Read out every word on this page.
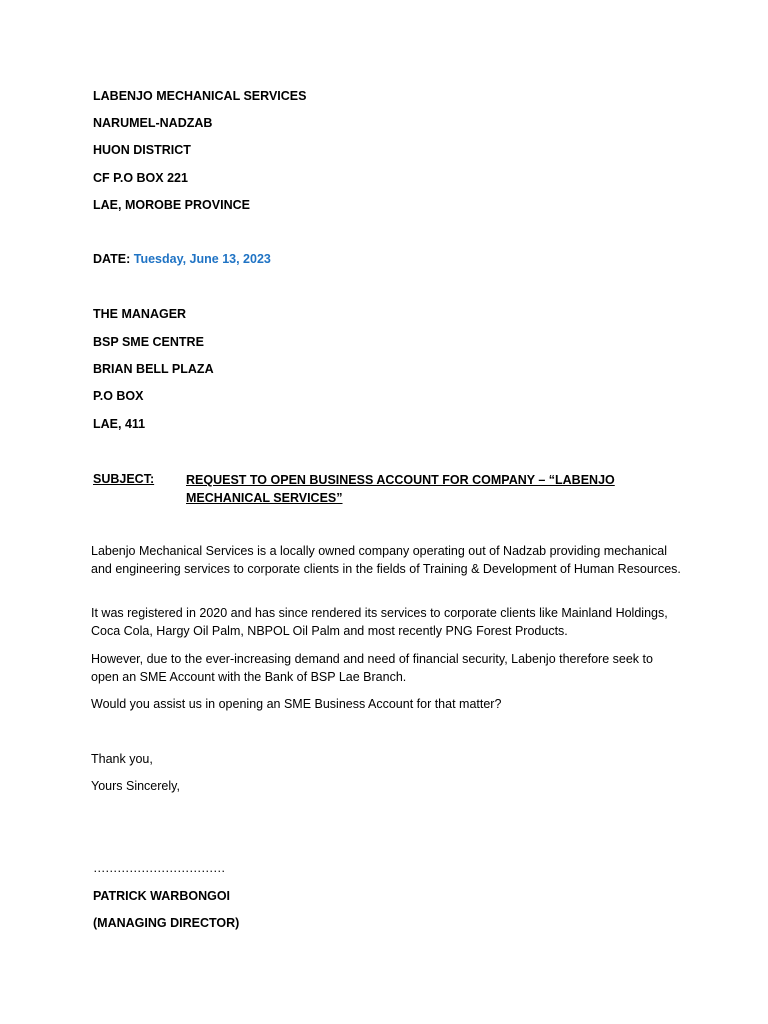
LABENJO MECHANICAL SERVICES
NARUMEL-NADZAB
HUON DISTRICT
CF P.O BOX 221
LAE, MOROBE PROVINCE
DATE: Tuesday, June 13, 2023
THE MANAGER
BSP SME CENTRE
BRIAN BELL PLAZA
P.O BOX
LAE, 411
SUBJECT:	REQUEST TO OPEN BUSINESS ACCOUNT FOR COMPANY – “LABENJO MECHANICAL SERVICES”
Labenjo Mechanical Services is a locally owned company operating out of Nadzab providing mechanical and engineering services to corporate clients in the fields of Training & Development of Human Resources.
It was registered in 2020 and has since rendered its services to corporate clients like Mainland Holdings, Coca Cola, Hargy Oil Palm, NBPOL Oil Palm and most recently PNG Forest Products.
However, due to the ever-increasing demand and need of financial security, Labenjo therefore seek to open an SME Account with the Bank of BSP Lae Branch.
Would you assist us in opening an SME Business Account for that matter?
Thank you,
Yours Sincerely,
……………………………
PATRICK WARBONGOI
(MANAGING DIRECTOR)
